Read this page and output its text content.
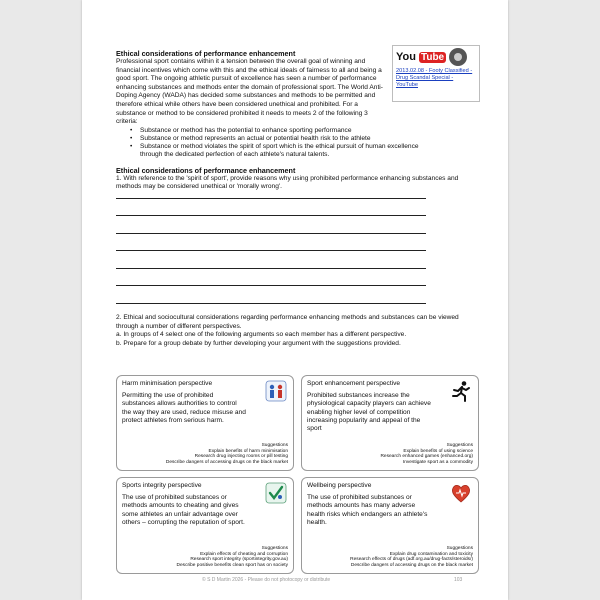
You Tube
2013.02.08 - Footy Classified - Drug Scandal Special - YouTube
Ethical considerations of performance enhancement
Professional sport contains within it a tension between the overall goal of winning and financial incentives which come with this and the ethical ideals of fairness to all and being a good sport. The ongoing athletic pursuit of excellence has seen a number of performance enhancing substances and methods enter the domain of professional sport. The World Anti-Doping Agency (WADA) has decided some substances and methods to be permitted and therefore ethical while others have been considered unethical and prohibited. For a substance or method to be considered prohibited it needs to meets 2 of the following 3 criteria:
• Substance or method has the potential to enhance sporting performance
• Substance or method represents an actual or potential health risk to the athlete
• Substance or method violates the spirit of sport which is the ethical pursuit of human excellence through the dedicated perfection of each athlete's natural talents.
Ethical considerations of performance enhancement
1. With reference to the 'spirit of sport', provide reasons why using prohibited performance enhancing substances and methods may be considered unethical or 'morally wrong'.
2. Ethical and sociocultural considerations regarding performance enhancing methods and substances can be viewed through a number of different perspectives.
a. In groups of 4 select one of the following arguments so each member has a different perspective.
b. Prepare for a group debate by further developing your argument with the suggestions provided.
Harm minimisation perspective
Permitting the use of prohibited substances allows authorities to control the way they are used, reduce misuse and protect athletes from serious harm.
Suggestions
Explain benefits of harm minimisation
Research drug injecting rooms or pill testing
Describe dangers of accessing drugs on the black market
Sport enhancement perspective
Prohibited substances increase the physiological capacity players can achieve enabling higher level of competition increasing popularity and appeal of the sport
Suggestions
Explain benefits of using science
Research enhanced games (enhanced.org)
Investigate sport as a commodity
Sports integrity perspective
The use of prohibited substances or methods amounts to cheating and gives some athletes an unfair advantage over others – corrupting the reputation of sport.
Suggestions
Explain effects of cheating and corruption
Research sport integrity (sportintegrity.gov.au)
Describe positive benefits clean sport has on society
Wellbeing perspective
The use of prohibited substances or methods amounts has many adverse health risks which endangers an athlete's health.
Suggestions
Explain drug contamination and toxicity
Research effects of drugs (adf.org.au/drug-facts/steroids/)
Describe dangers of accessing drugs on the black market
© S D Martin 2026 - Please do not photocopy or distribute	103
